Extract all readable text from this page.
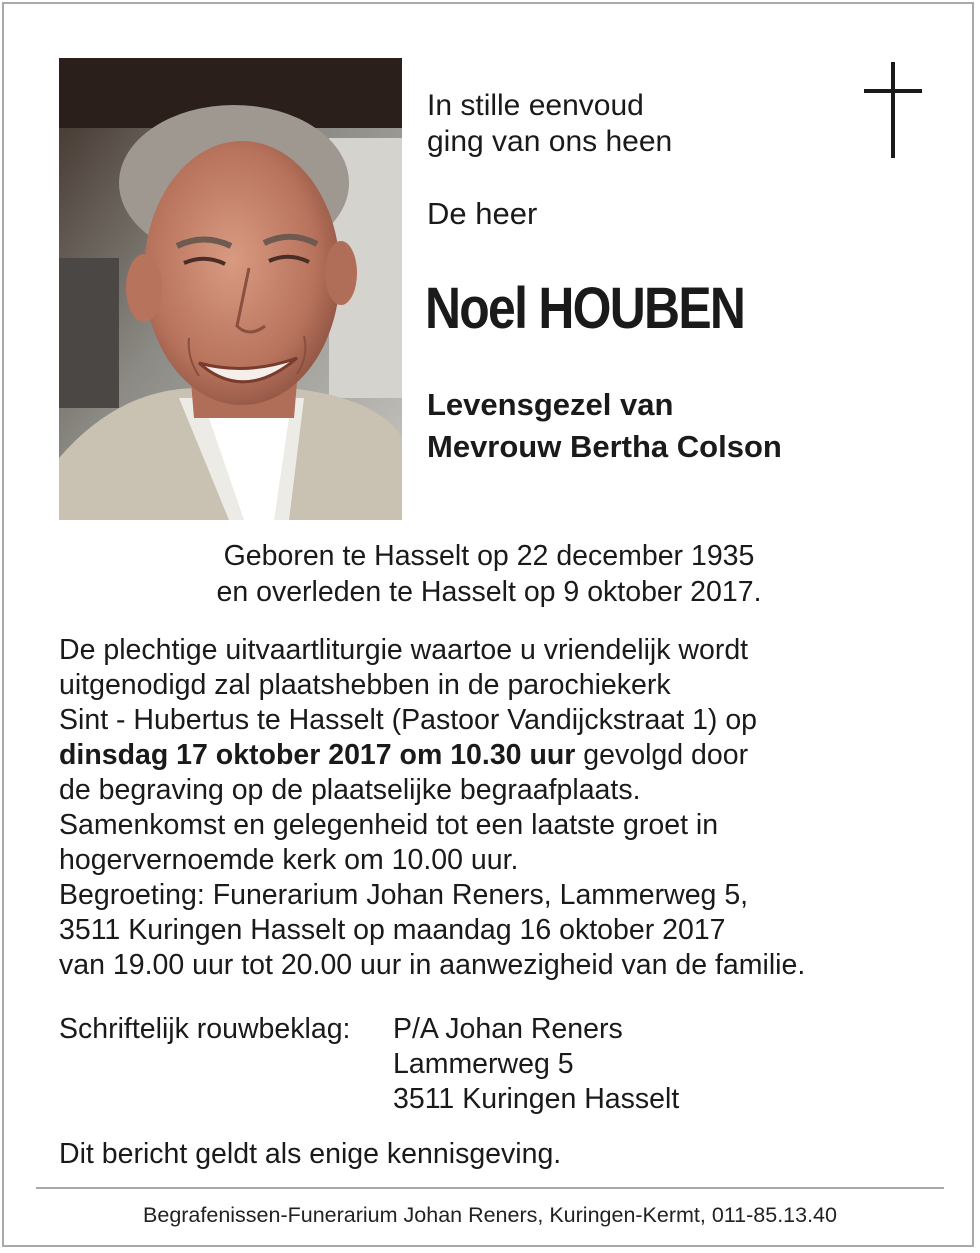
In stille eenvoud
ging van ons heen
De heer
Noel HOUBEN
Levensgezel van
Mevrouw Bertha Colson
Geboren te Hasselt op 22 december 1935
en overleden te Hasselt op 9 oktober 2017.
De plechtige uitvaartliturgie waartoe u vriendelijk wordt
uitgenodigd zal plaatshebben in de parochiekerk
Sint - Hubertus te Hasselt (Pastoor Vandijckstraat 1) op
dinsdag 17 oktober 2017 om 10.30 uur gevolgd door
de begraving op de plaatselijke begraafplaats.
Samenkomst en gelegenheid tot een laatste groet in
hogervernoemde kerk om 10.00 uur.
Begroeting: Funerarium Johan Reners, Lammerweg 5,
3511 Kuringen Hasselt op maandag 16 oktober 2017
van 19.00 uur tot 20.00 uur in aanwezigheid van de familie.
Schriftelijk rouwbeklag: P/A Johan Reners
Lammerweg 5
3511 Kuringen Hasselt
Dit bericht geldt als enige kennisgeving.
Begrafenissen-Funerarium Johan Reners, Kuringen-Kermt, 011-85.13.40
